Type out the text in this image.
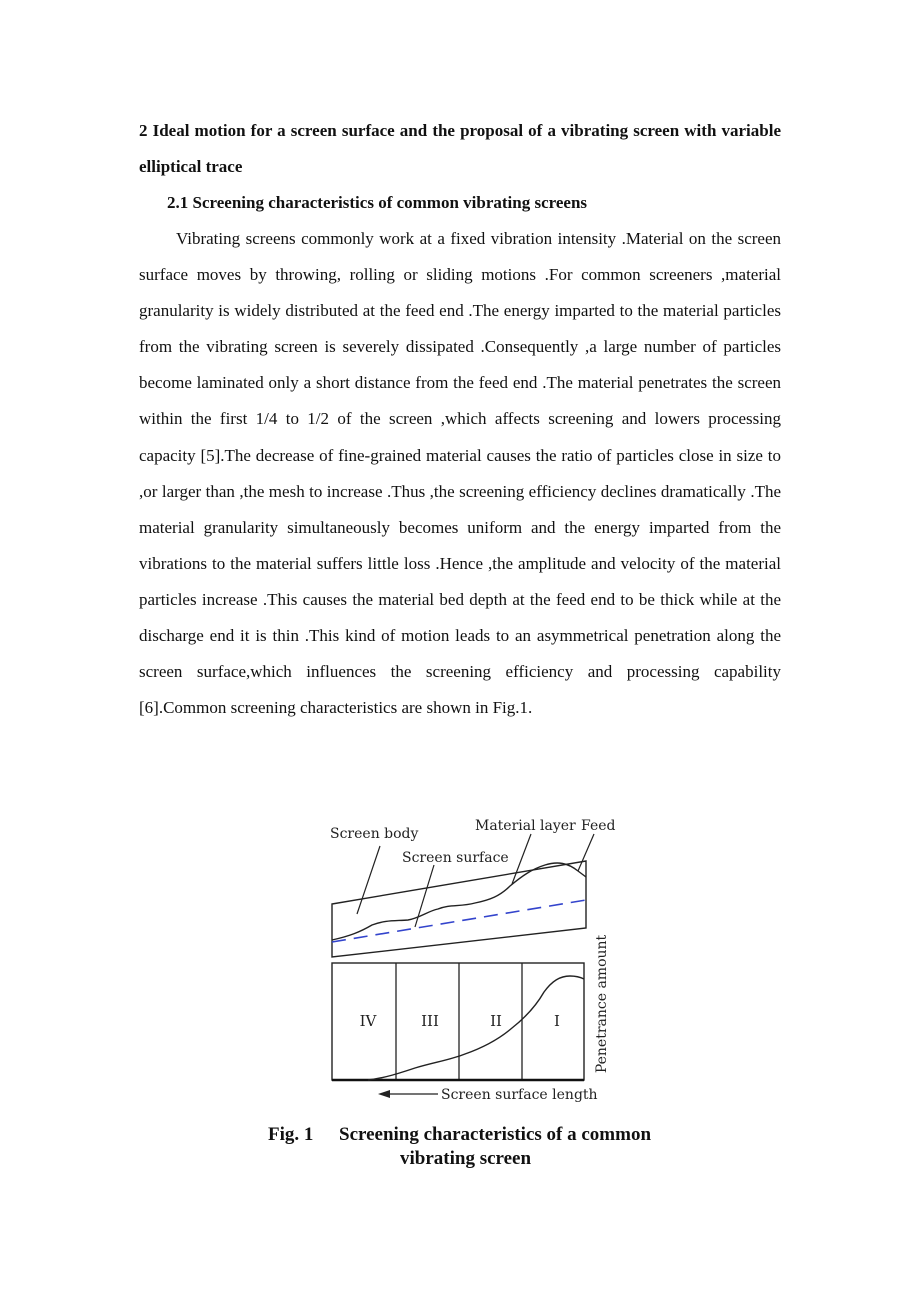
2 Ideal motion for a screen surface and the proposal of a vibrating screen with variable elliptical trace
2.1 Screening characteristics of common vibrating screens
Vibrating screens commonly work at a fixed vibration intensity .Material on the screen surface moves by throwing, rolling or sliding motions .For common screeners ,material granularity is widely distributed at the feed end .The energy imparted to the material particles from the vibrating screen is severely dissipated .Consequently ,a large number of particles become laminated only a short distance from the feed end .The material penetrates the screen within the first 1/4 to 1/2 of the screen ,which affects screening and lowers processing capacity [5].The decrease of fine-grained material causes the ratio of particles close in size to ,or larger than ,the mesh to increase .Thus ,the screening efficiency declines dramatically .The material granularity simultaneously becomes uniform and the energy imparted from the vibrations to the material suffers little loss .Hence ,the amplitude and velocity of the material particles increase .This causes the material bed depth at the feed end to be thick while at the discharge end it is thin .This kind of motion leads to an asymmetrical penetration along the screen surface,which influences the screening efficiency and processing capability [6].Common screening characteristics are shown in Fig.1.
Screen body	Material layer Feed
Screen surface
IV	III	II	I Penetrance amount
Screen surface length
Fig. 1 Screening characteristics of a common
vibrating screen
